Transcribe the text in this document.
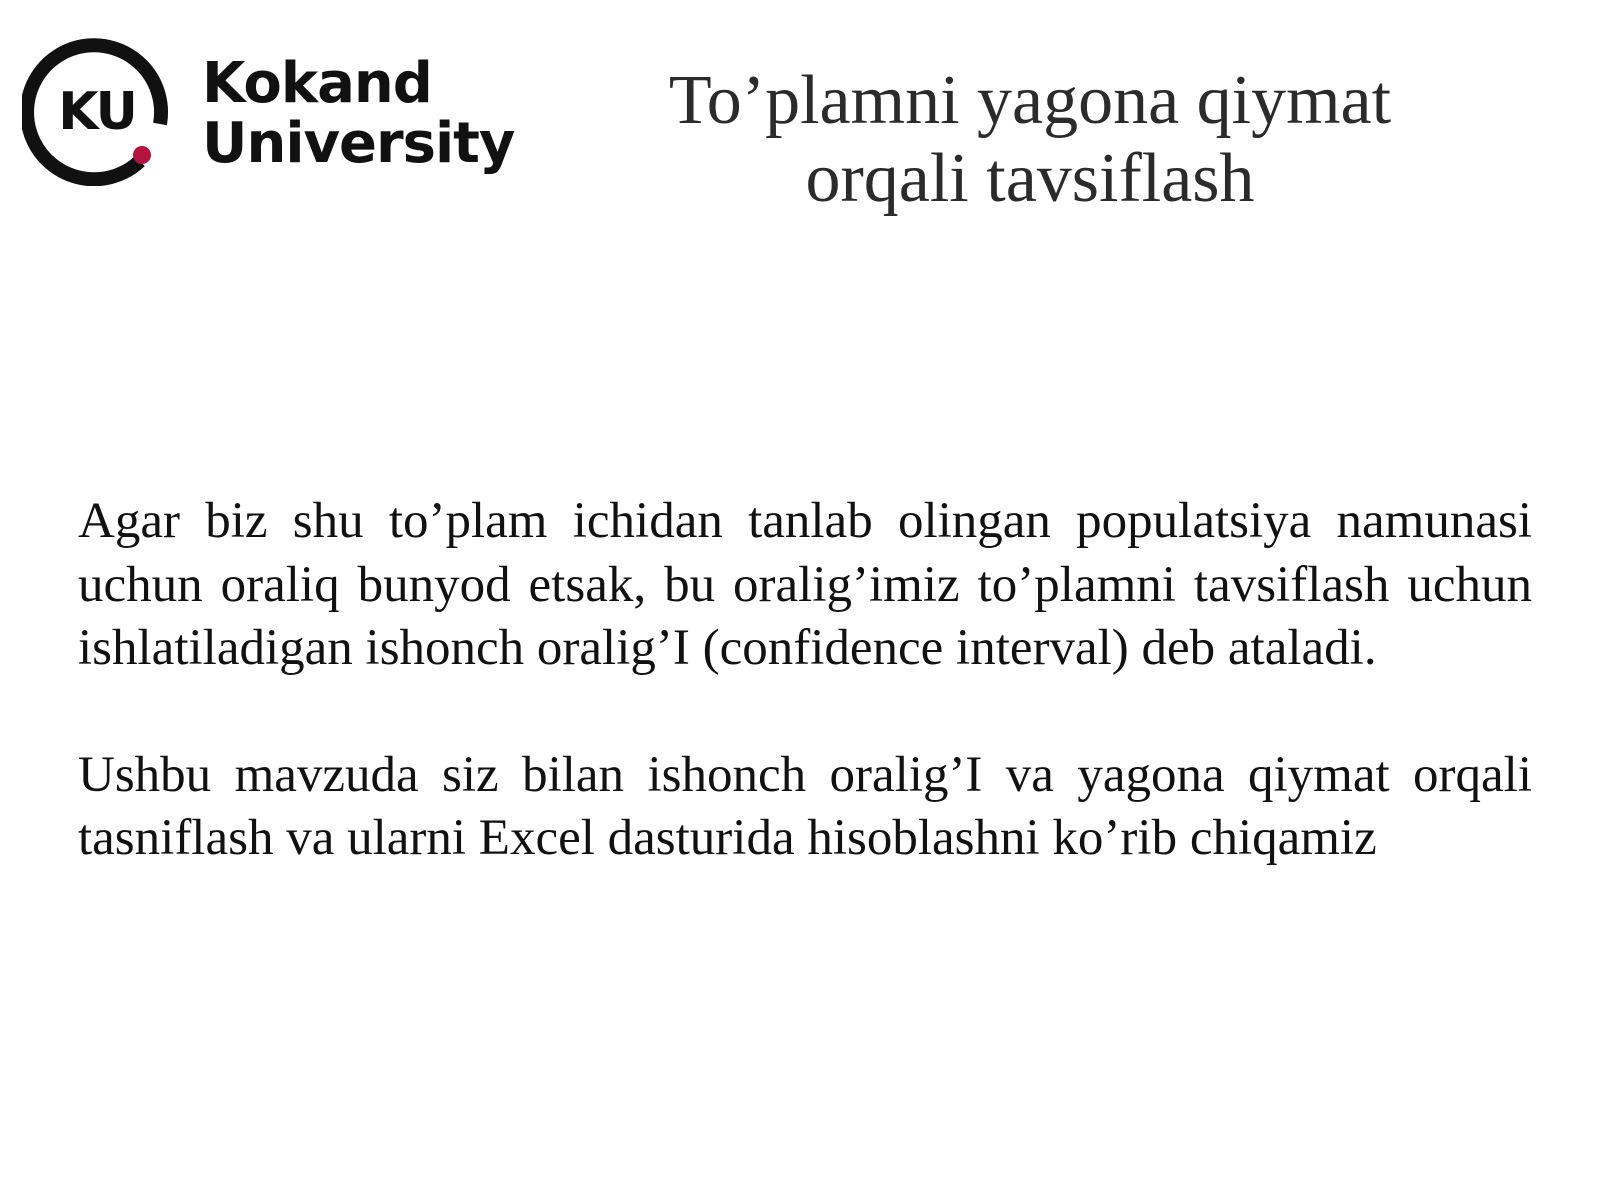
KU Kokand
University
To’plamni yagona qiymat
orqali tavsiflash

Agar biz shu to’plam ichidan tanlab olingan populatsiya namunasi uchun oraliq bunyod etsak, bu oralig’imiz to’plamni tavsiflash uchun ishlatiladigan ishonch oralig’I (confidence interval) deb ataladi.

Ushbu mavzuda siz bilan ishonch oralig’I va yagona qiymat orqali tasniflash va ularni Excel dasturida hisoblashni ko’rib chiqamiz
